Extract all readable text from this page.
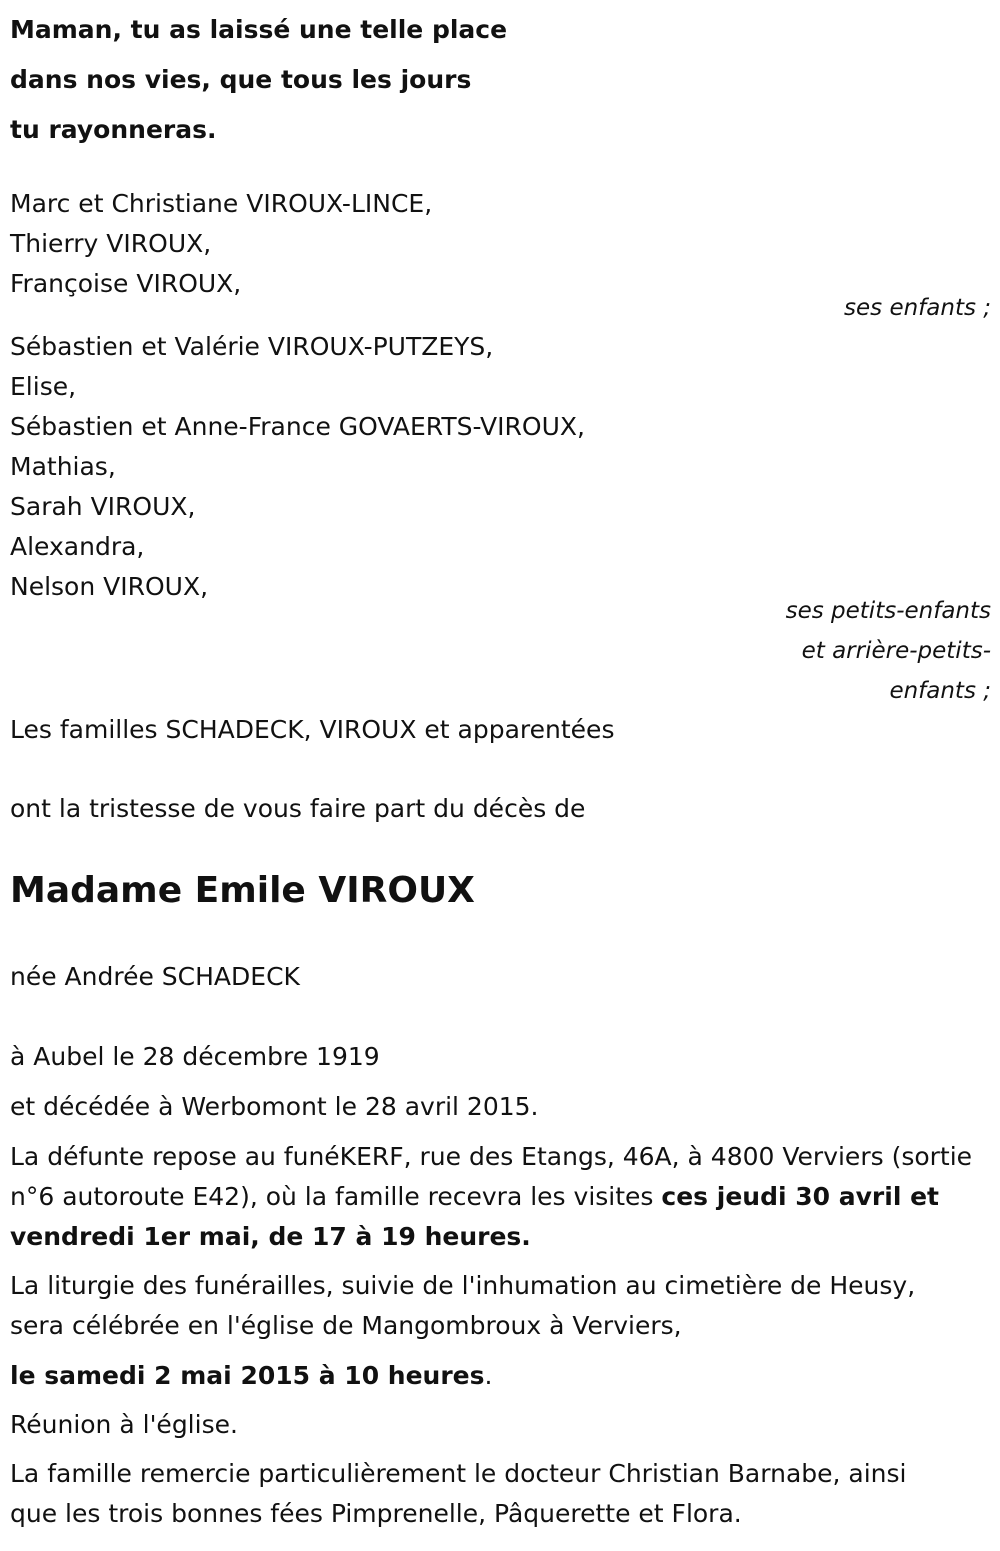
Maman, tu as laissé une telle place

dans nos vies, que tous les jours

tu rayonneras.

Marc et Christiane VIROUX-LINCE,

Thierry VIROUX,

Françoise VIROUX,

ses enfants ;

Sébastien et Valérie VIROUX-PUTZEYS,

Elise,

Sébastien et Anne-France GOVAERTS-VIROUX,

Mathias,

Sarah VIROUX,

Alexandra,

Nelson VIROUX,

ses petits-enfants

et arrière-petits-

enfants ;

Les familles SCHADECK, VIROUX et apparentées
ont la tristesse de vous faire part du décès de
Madame Emile VIROUX
née Andrée SCHADECK
à Aubel le 28 décembre 1919
et décédée à Werbomont le 28 avril 2015.

La défunte repose au funéKERF, rue des Etangs, 46A, à 4800 Verviers (sortie n°6 autoroute E42), où la famille recevra les visites ces jeudi 30 avril et vendredi 1er mai, de 17 à 19 heures.

La liturgie des funérailles, suivie de l'inhumation au cimetière de Heusy,

sera célébrée en l'église de Mangombroux à Verviers,

le samedi 2 mai 2015 à 10 heures.
Réunion à l'église.

La famille remercie particulièrement le docteur Christian Barnabe, ainsi

que les trois bonnes fées Pimprenelle, Pâquerette et Flora.
